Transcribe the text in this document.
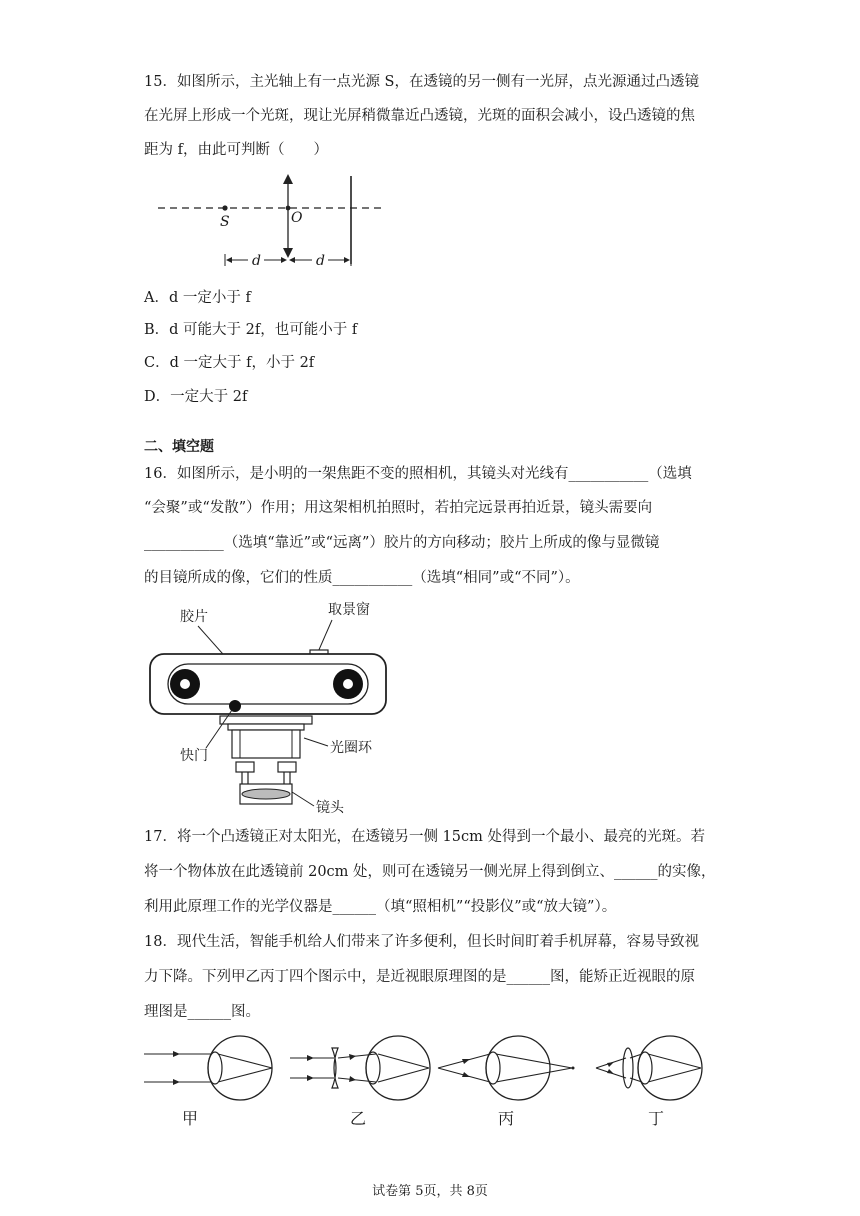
15．如图所示，主光轴上有一点光源 S，在透镜的另一侧有一光屏，点光源通过凸透镜
在光屏上形成一个光斑，现让光屏稍微靠近凸透镜，光斑的面积会减小，设凸透镜的焦
距为 f，由此可判断（　　）
S	O
d	d
A．d 一定小于 f
B．d 可能大于 2f，也可能小于 f
C．d 一定大于 f，小于 2f
D．一定大于 2f
二、填空题
16．如图所示，是小明的一架焦距不变的照相机，其镜头对光线有___________（选填
“会聚”或“发散”）作用；用这架相机拍照时，若拍完远景再拍近景，镜头需要向
___________（选填“靠近”或“远离”）胶片的方向移动；胶片上所成的像与显微镜
的目镜所成的像，它们的性质___________（选填“相同”或“不同”）。
胶片	取景窗
快门	光圈环
镜头
17．将一个凸透镜正对太阳光，在透镜另一侧 15cm 处得到一个最小、最亮的光斑。若
将一个物体放在此透镜前 20cm 处，则可在透镜另一侧光屏上得到倒立、______的实像，
利用此原理工作的光学仪器是______（填“照相机”“投影仪”或“放大镜”）。
18．现代生活，智能手机给人们带来了许多便利，但长时间盯着手机屏幕，容易导致视
力下降。下列甲乙丙丁四个图示中，是近视眼原理图的是______图，能矫正近视眼的原
理图是______图。
甲	乙	丙	丁
试卷第 5页，共 8页
